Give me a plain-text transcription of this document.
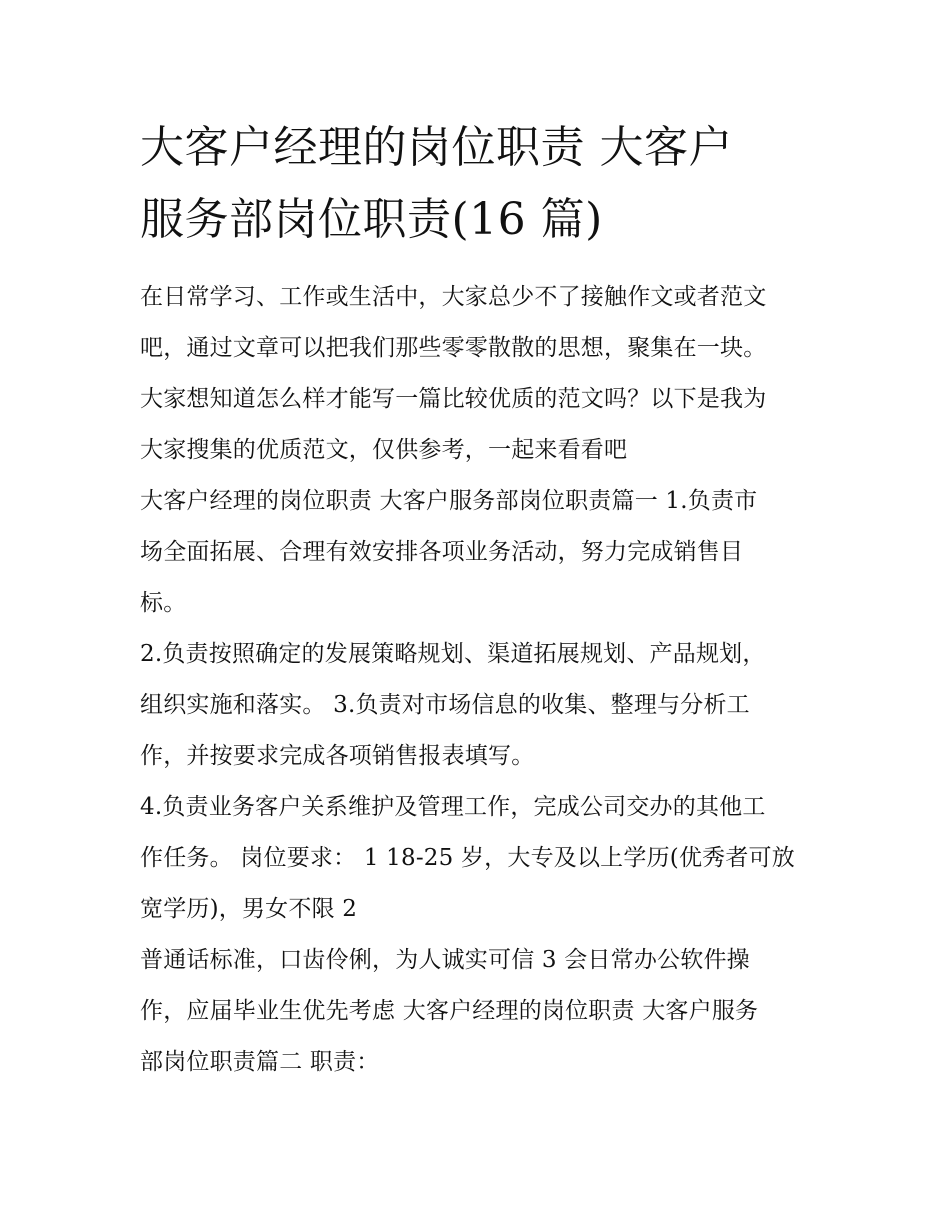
大客户经理的岗位职责 大客户
服务部岗位职责(16 篇)

在日常学习、工作或生活中，大家总少不了接触作文或者范文
吧，通过文章可以把我们那些零零散散的思想，聚集在一块。
大家想知道怎么样才能写一篇比较优质的范文吗？以下是我为
大家搜集的优质范文，仅供参考，一起来看看吧

大客户经理的岗位职责 大客户服务部岗位职责篇一 1.负责市
场全面拓展、合理有效安排各项业务活动，努力完成销售目
标。

2.负责按照确定的发展策略规划、渠道拓展规划、产品规划，
组织实施和落实。 3.负责对市场信息的收集、整理与分析工
作，并按要求完成各项销售报表填写。

4.负责业务客户关系维护及管理工作，完成公司交办的其他工
作任务。 岗位要求： 1 18-25 岁，大专及以上学历(优秀者可放
宽学历)，男女不限 2

普通话标准，口齿伶俐，为人诚实可信 3 会日常办公软件操
作，应届毕业生优先考虑 大客户经理的岗位职责 大客户服务
部岗位职责篇二 职责：
